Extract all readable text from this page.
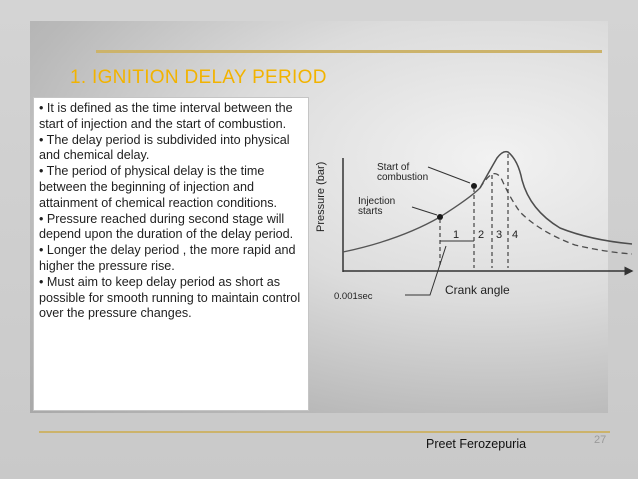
1. IGNITION DELAY PERIOD
• It is defined as the time interval between the start of injection and the start of combustion.
• The delay period is subdivided into physical and chemical delay.
• The period of physical delay is the time between the beginning of injection and attainment of chemical reaction conditions.
• Pressure reached during second stage will depend upon the duration of the delay period.
• Longer the delay period , the more rapid and higher the pressure rise.
• Must aim to keep delay period as short as possible for smooth running to maintain control over the pressure changes.
Pressure (bar)
Crank angle
Start of
combustion
Injection
starts
1 2 3 4
0.001sec
Preet Ferozepuria	27
